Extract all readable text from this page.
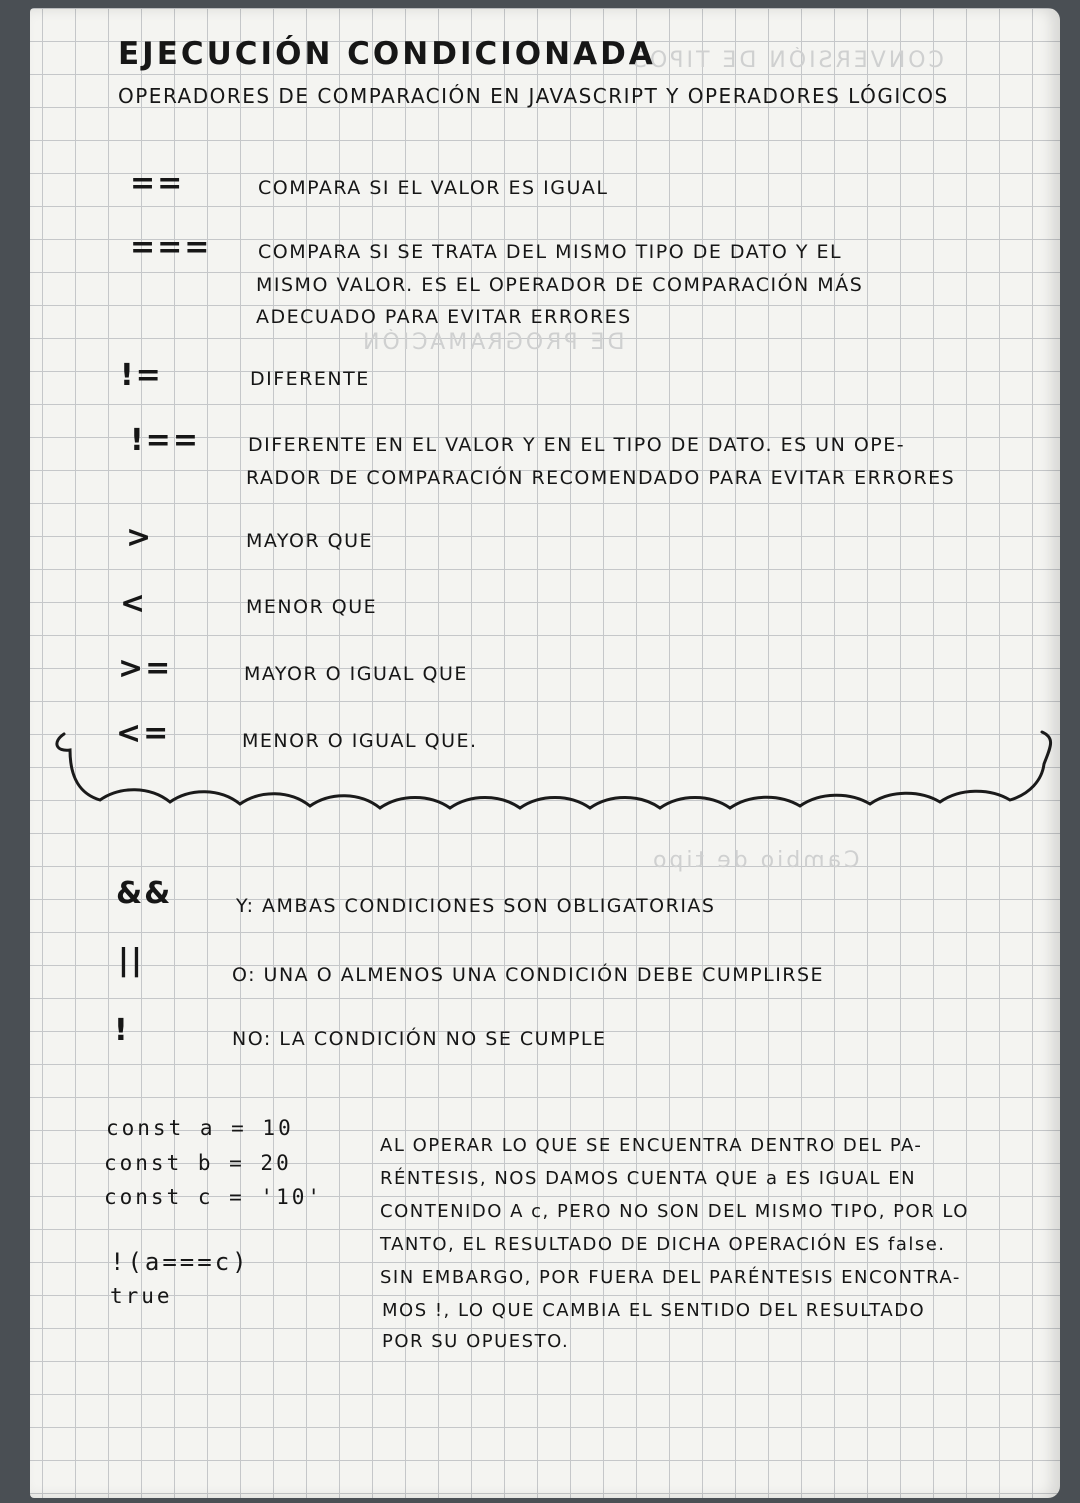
CONVERSIÓN DE TIPOS
DE PROGRAMACIÓN
Cambio de tipo
EJECUCIÓN CONDICIONADA
OPERADORES DE COMPARACIÓN EN JAVASCRIPT Y OPERADORES LÓGICOS
==	COMPARA SI EL VALOR ES IGUAL
=== COMPARA SI SE TRATA DEL MISMO TIPO DE DATO Y EL
MISMO VALOR. ES EL OPERADOR DE COMPARACIÓN MÁS
ADECUADO PARA EVITAR ERRORES
!=	DIFERENTE
!==	DIFERENTE EN EL VALOR Y EN EL TIPO DE DATO. ES UN OPE-
RADOR DE COMPARACIÓN RECOMENDADO PARA EVITAR ERRORES
>	MAYOR QUE
<	MENOR QUE
>=	MAYOR O IGUAL QUE
<=	MENOR O IGUAL QUE.
&&	Y: AMBAS CONDICIONES SON OBLIGATORIAS
||	O: UNA O ALMENOS UNA CONDICIÓN DEBE CUMPLIRSE
!	NO: LA CONDICIÓN NO SE CUMPLE
const a = 10
const b = 20
const c = '10'
!(a===c)
true
AL OPERAR LO QUE SE ENCUENTRA DENTRO DEL PA-
RÉNTESIS, NOS DAMOS CUENTA QUE a ES IGUAL EN
CONTENIDO A c, PERO NO SON DEL MISMO TIPO, POR LO
TANTO, EL RESULTADO DE DICHA OPERACIÓN ES false.
SIN EMBARGO, POR FUERA DEL PARÉNTESIS ENCONTRA-
MOS !, LO QUE CAMBIA EL SENTIDO DEL RESULTADO
POR SU OPUESTO.
